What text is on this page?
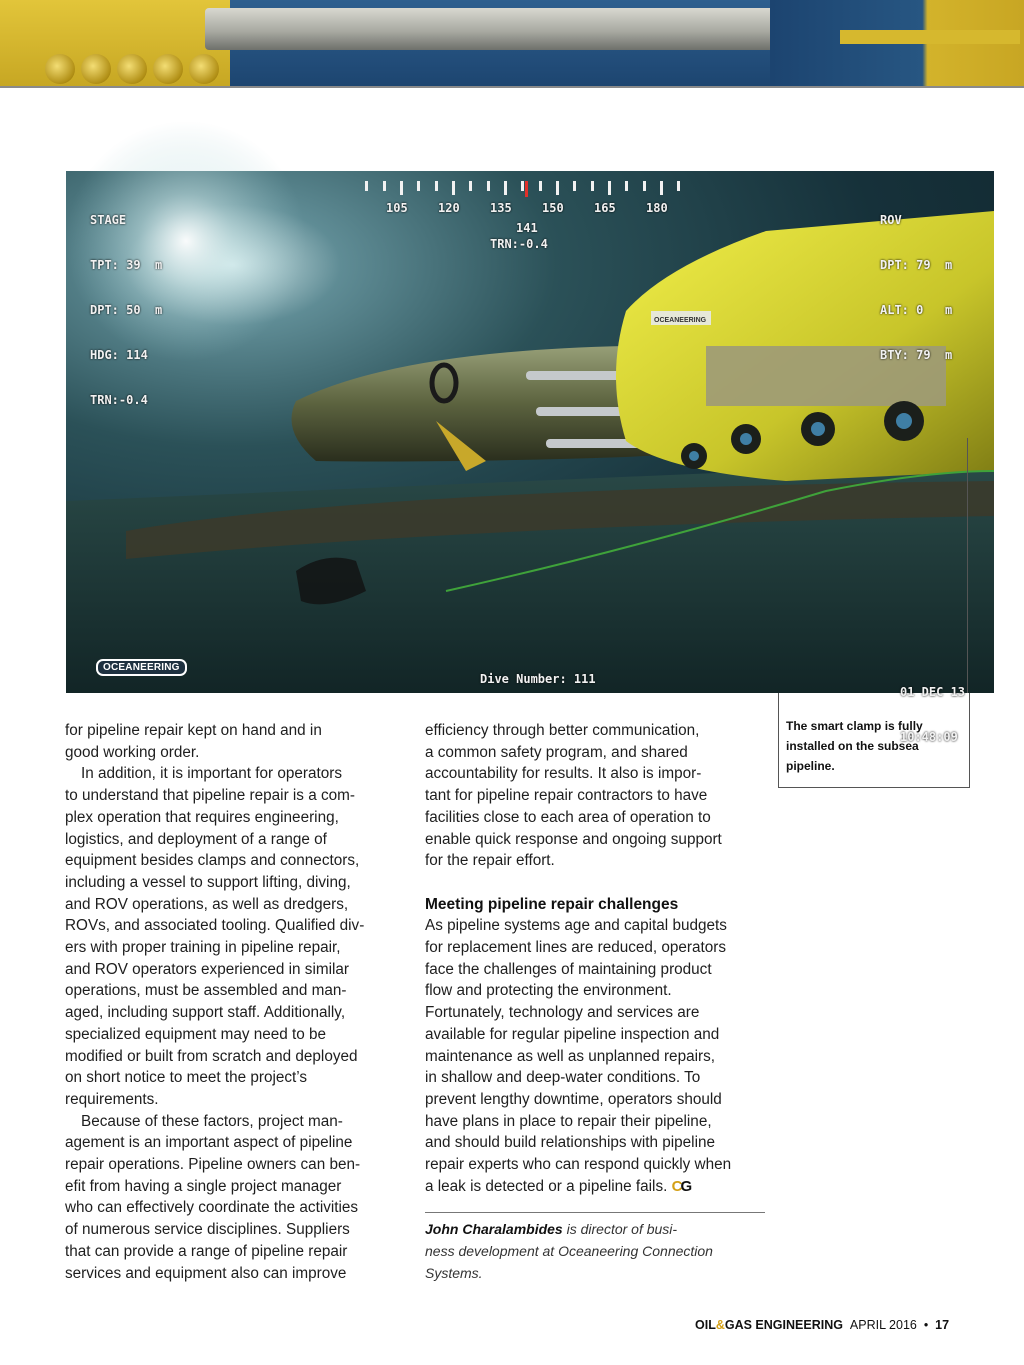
OCEANEERING

STAGE

TPT: 39  m

DPT: 50  m

HDG: 114

TRN:-0.4

105	120	135	150	165	180

141

TRN:-0.4

ROV

DPT: 79  m

ALT: 0   m

BTY: 79  m

OCEANEERING
Dive Number: 111

01 DEC 13

10:48:09

The smart clamp is fully
installed on the subsea
pipeline.
for pipeline repair kept on hand and in
good working order.
In addition, it is important for operators
to understand that pipeline repair is a com-
plex operation that requires engineering,
logistics, and deployment of a range of
equipment besides clamps and connectors,
including a vessel to support lifting, diving,
and ROV operations, as well as dredgers,
ROVs, and associated tooling. Qualified div-
ers with proper training in pipeline repair,
and ROV operators experienced in similar
operations, must be assembled and man-
aged, including support staff. Additionally,
specialized equipment may need to be
modified or built from scratch and deployed
on short notice to meet the project’s
requirements.
Because of these factors, project man-
agement is an important aspect of pipeline
repair operations. Pipeline owners can ben-
efit from having a single project manager
who can effectively coordinate the activities
of numerous service disciplines. Suppliers
that can provide a range of pipeline repair
services and equipment also can improve
efficiency through better communication,
a common safety program, and shared
accountability for results. It also is impor-
tant for pipeline repair contractors to have
facilities close to each area of operation to
enable quick response and ongoing support
for the repair effort.
Meeting pipeline repair challenges
As pipeline systems age and capital budgets
for replacement lines are reduced, operators
face the challenges of maintaining product
flow and protecting the environment.
Fortunately, technology and services are
available for regular pipeline inspection and
maintenance as well as unplanned repairs,
in shallow and deep-water conditions. To
prevent lengthy downtime, operators should
have plans in place to repair their pipeline,
and should build relationships with pipeline
repair experts who can respond quickly when
a leak is detected or a pipeline fails. CG
John Charalambides is director of busi-
ness development at Oceaneering Connection
Systems.
OIL&GAS ENGINEERING APRIL 2016 • 17
